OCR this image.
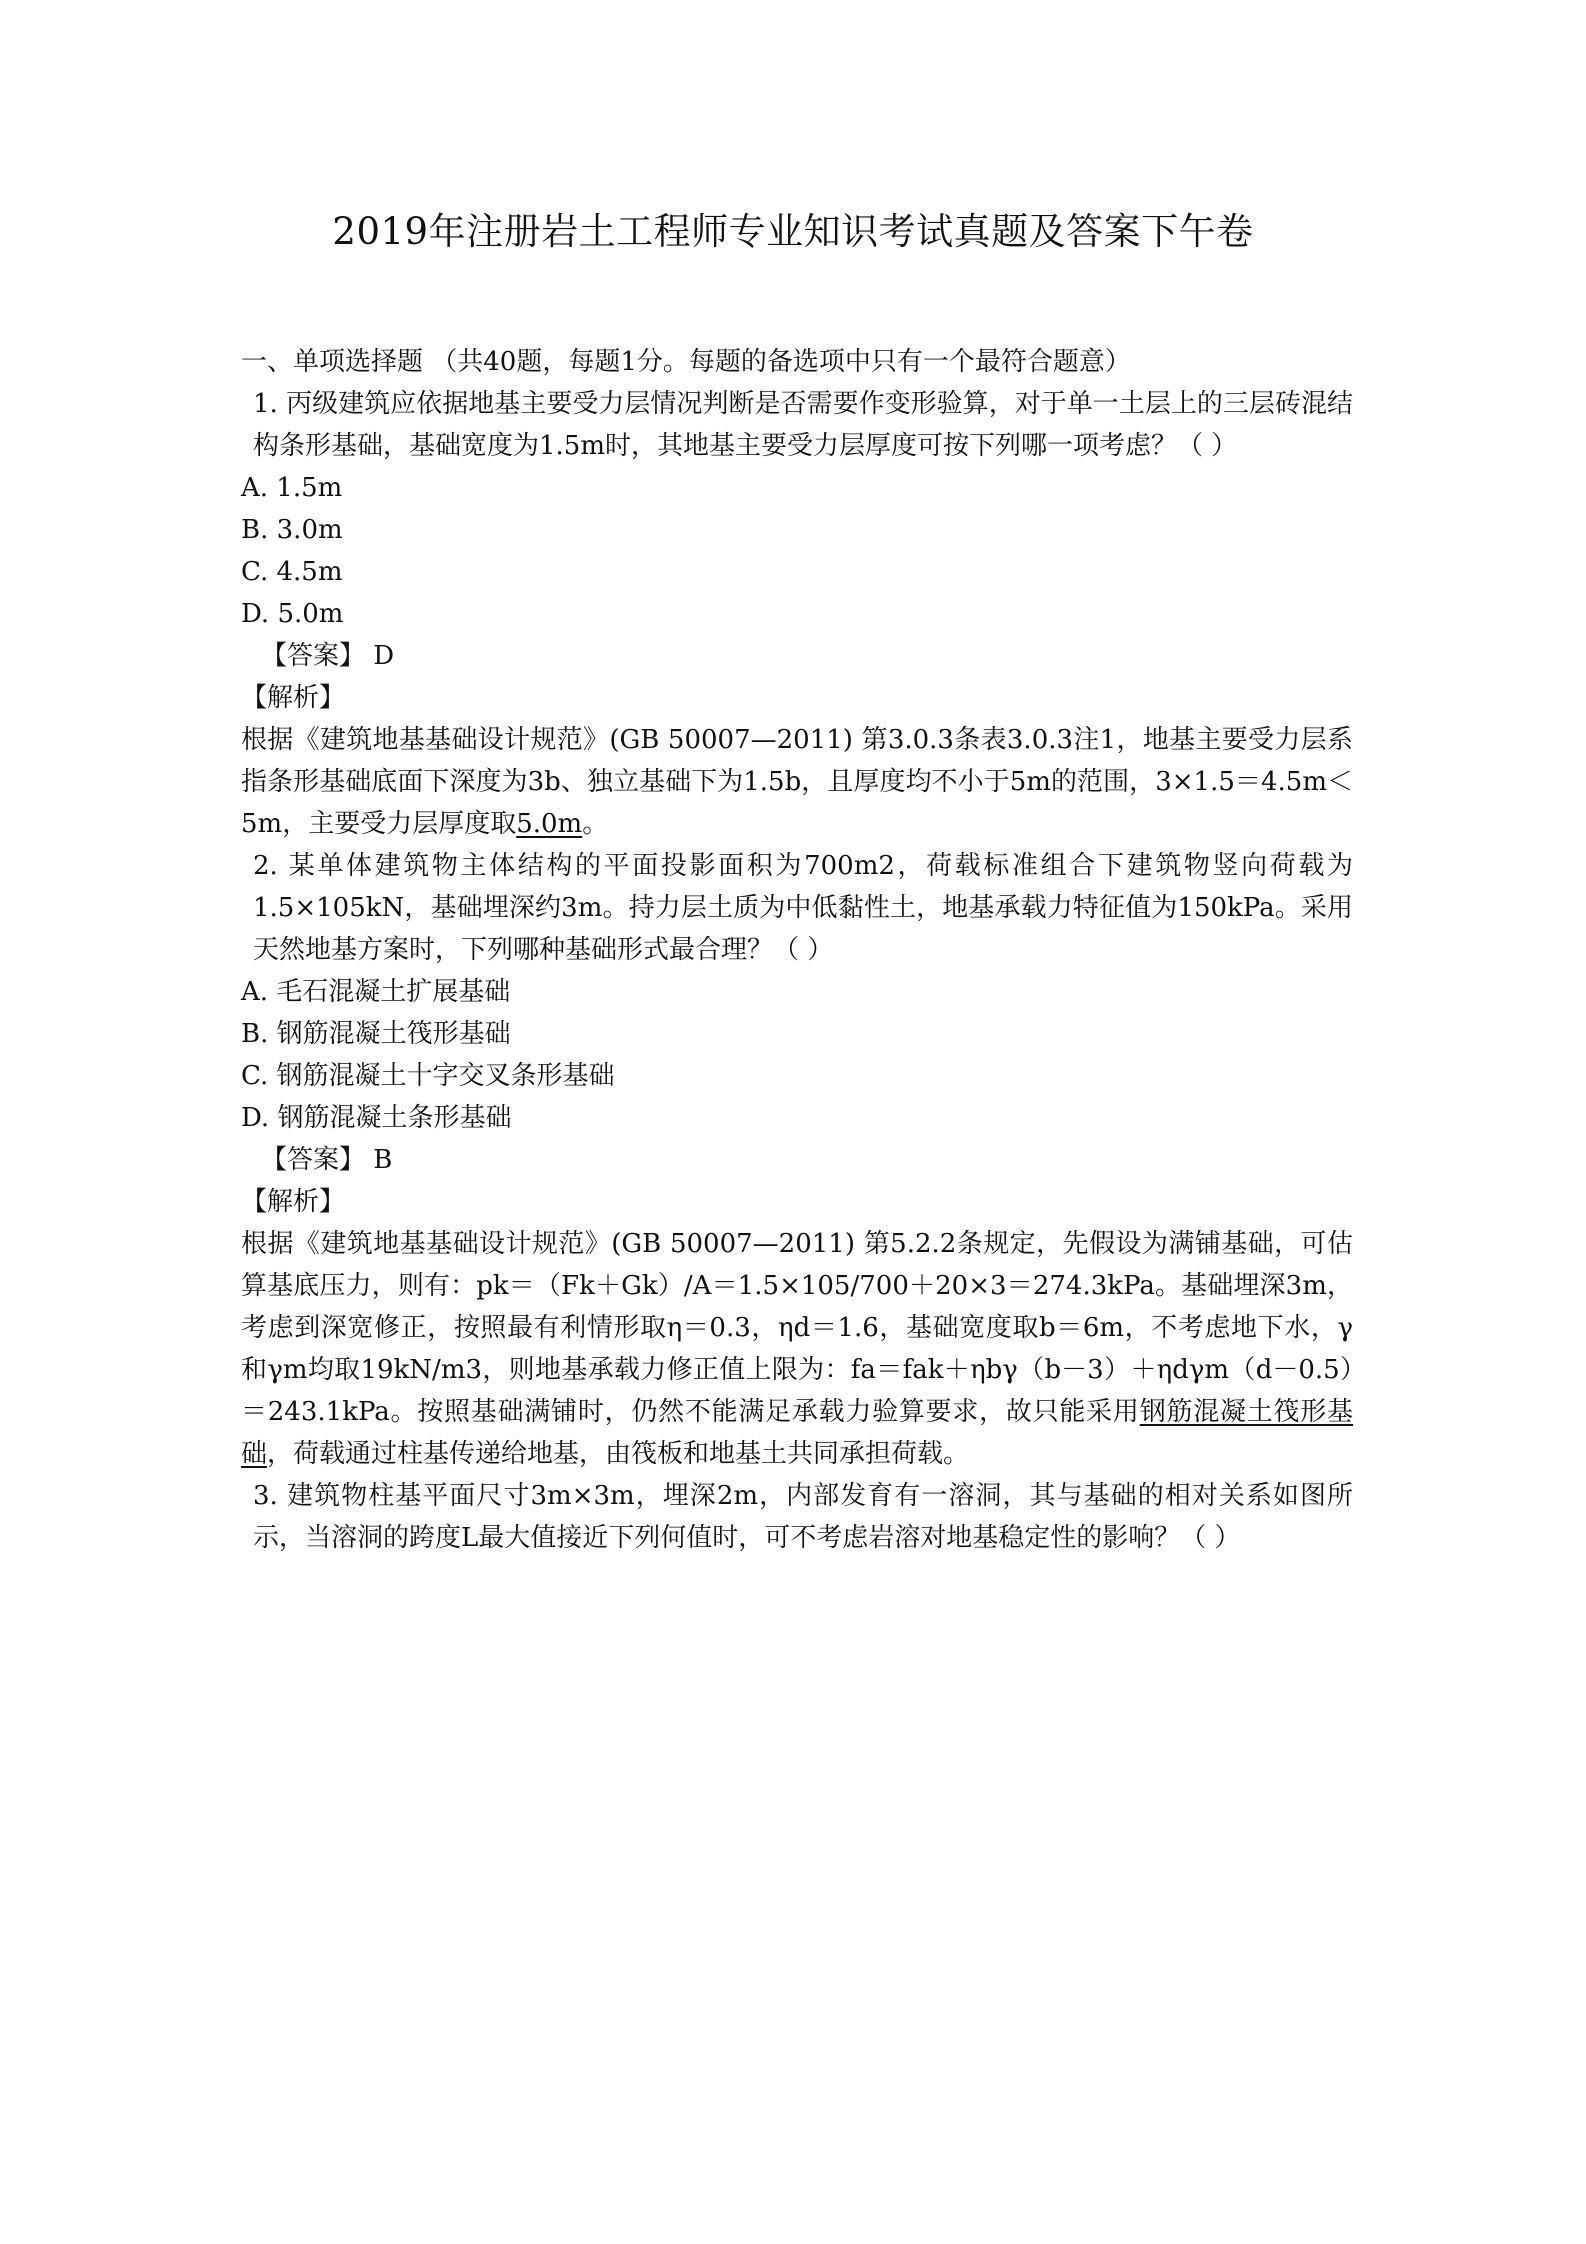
2019年注册岩土工程师专业知识考试真题及答案下午卷

一、单项选择题 （共40题，每题1分。每题的备选项中只有一个最符合题意）

1. 丙级建筑应依据地基主要受力层情况判断是否需要作变形验算，对于单一土层上的三层砖混结构条形基础，基础宽度为1.5m时，其地基主要受力层厚度可按下列哪一项考虑？（ ）

A. 1.5m

B. 3.0m

C. 4.5m

D. 5.0m

【答案】 D

【解析】

根据《建筑地基基础设计规范》(GB 50007—2011) 第3.0.3条表3.0.3注1，地基主要受力层系指条形基础底面下深度为3b、独立基础下为1.5b，且厚度均不小于5m的范围，3×1.5＝4.5m＜5m，主要受力层厚度取5.0m。

2. 某单体建筑物主体结构的平面投影面积为700m2，荷载标准组合下建筑物竖向荷载为1.5×105kN，基础埋深约3m。持力层土质为中低黏性土，地基承载力特征值为150kPa。采用天然地基方案时，下列哪种基础形式最合理？（ ）

A. 毛石混凝土扩展基础

B. 钢筋混凝土筏形基础

C. 钢筋混凝土十字交叉条形基础

D. 钢筋混凝土条形基础

【答案】 B

【解析】

根据《建筑地基基础设计规范》(GB 50007—2011) 第5.2.2条规定，先假设为满铺基础，可估算基底压力，则有：pk＝（Fk＋Gk）/A＝1.5×105/700＋20×3＝274.3kPa。基础埋深3m，考虑到深宽修正，按照最有利情形取η＝0.3，ηd＝1.6，基础宽度取b＝6m，不考虑地下水，γ和γm均取19kN/m3，则地基承载力修正值上限为：fa＝fak＋ηbγ（b－3）＋ηdγm（d－0.5）＝243.1kPa。按照基础满铺时，仍然不能满足承载力验算要求，故只能采用钢筋混凝土筏形基础，荷载通过柱基传递给地基，由筏板和地基土共同承担荷载。

3. 建筑物柱基平面尺寸3m×3m，埋深2m，内部发育有一溶洞，其与基础的相对关系如图所示，当溶洞的跨度L最大值接近下列何值时，可不考虑岩溶对地基稳定性的影响？（ ）
